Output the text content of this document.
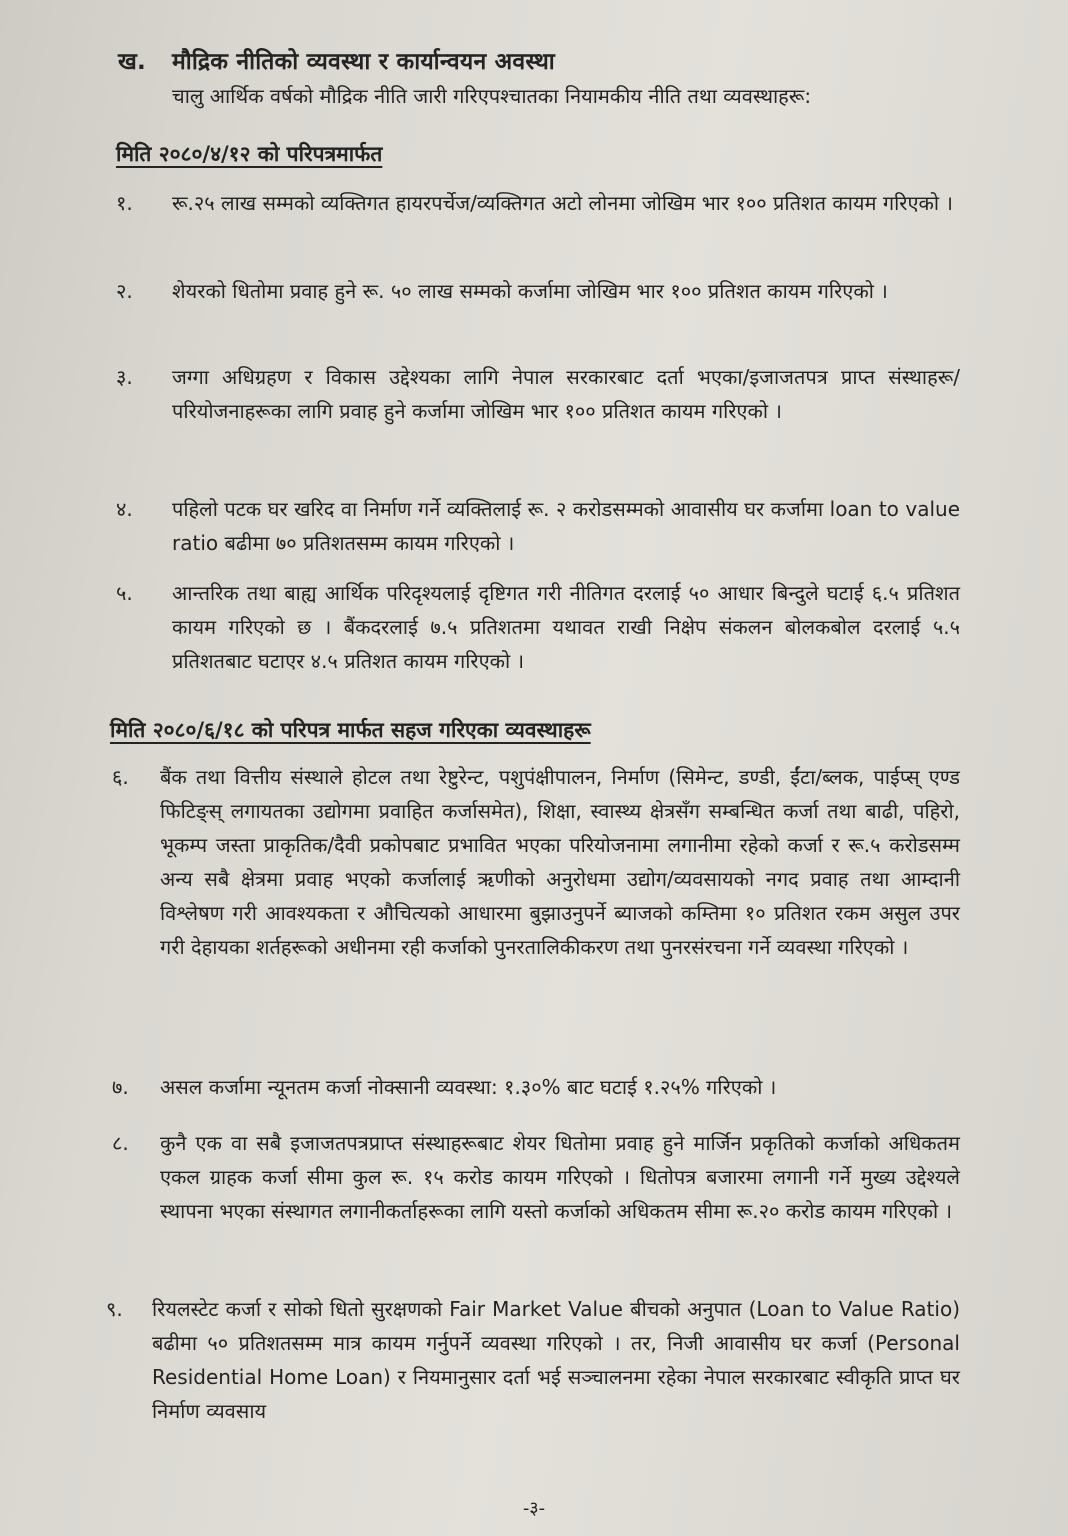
ख. मौद्रिक नीतिको व्यवस्था र कार्यान्वयन अवस्था
चालु आर्थिक वर्षको मौद्रिक नीति जारी गरिएपश्चातका नियामकीय नीति तथा व्यवस्थाहरू:
मिति २०८०/४/१२ को परिपत्रमार्फत
१. रू.२५ लाख सम्मको व्यक्तिगत हायरपर्चेज/व्यक्तिगत अटो लोनमा जोखिम भार १०० प्रतिशत कायम गरिएको ।

२. शेयरको धितोमा प्रवाह हुने रू. ५० लाख सम्मको कर्जामा जोखिम भार १०० प्रतिशत कायम गरिएको ।

३. जग्गा अधिग्रहण र विकास उद्देश्यका लागि नेपाल सरकारबाट दर्ता भएका/इजाजतपत्र प्राप्त संस्थाहरू/परियोजनाहरूका लागि प्रवाह हुने कर्जामा जोखिम भार १०० प्रतिशत कायम गरिएको ।

४. पहिलो पटक घर खरिद वा निर्माण गर्ने व्यक्तिलाई रू. २ करोडसम्मको आवासीय घर कर्जामा loan to value ratio बढीमा ७० प्रतिशतसम्म कायम गरिएको ।

५. आन्तरिक तथा बाह्य आर्थिक परिदृश्यलाई दृष्टिगत गरी नीतिगत दरलाई ५० आधार बिन्दुले घटाई ६.५ प्रतिशत कायम गरिएको छ । बैंकदरलाई ७.५ प्रतिशतमा यथावत राखी निक्षेप संकलन बोलकबोल दरलाई ५.५ प्रतिशतबाट घटाएर ४.५ प्रतिशत कायम गरिएको ।

मिति २०८०/६/१८ को परिपत्र मार्फत सहज गरिएका व्यवस्थाहरू
६. बैंक तथा वित्तीय संस्थाले होटल तथा रेष्टुरेन्ट, पशुपंक्षीपालन, निर्माण (सिमेन्ट, डण्डी, ईंटा/ब्लक, पाईप्स् एण्ड फिटिङ्स् लगायतका उद्योगमा प्रवाहित कर्जासमेत), शिक्षा, स्वास्थ्य क्षेत्रसँग सम्बन्धित कर्जा तथा बाढी, पहिरो, भूकम्प जस्ता प्राकृतिक/दैवी प्रकोपबाट प्रभावित भएका परियोजनामा लगानीमा रहेको कर्जा र रू.५ करोडसम्म अन्य सबै क्षेत्रमा प्रवाह भएको कर्जालाई ऋणीको अनुरोधमा उद्योग/व्यवसायको नगद प्रवाह तथा आम्दानी विश्लेषण गरी आवश्यकता र औचित्यको आधारमा बुझाउनुपर्ने ब्याजको कम्तिमा १० प्रतिशत रकम असुल उपर गरी देहायका शर्तहरूको अधीनमा रही कर्जाको पुनरतालिकीकरण तथा पुनरसंरचना गर्ने व्यवस्था गरिएको ।

७. असल कर्जामा न्यूनतम कर्जा नोक्सानी व्यवस्था: १.३०% बाट घटाई १.२५% गरिएको ।

८. कुनै एक वा सबै इजाजतपत्रप्राप्त संस्थाहरूबाट शेयर धितोमा प्रवाह हुने मार्जिन प्रकृतिको कर्जाको अधिकतम एकल ग्राहक कर्जा सीमा कुल रू. १५ करोड कायम गरिएको । धितोपत्र बजारमा लगानी गर्ने मुख्य उद्देश्यले स्थापना भएका संस्थागत लगानीकर्ताहरूका लागि यस्तो कर्जाको अधिकतम सीमा रू.२० करोड कायम गरिएको ।

९. रियलस्टेट कर्जा र सोको धितो सुरक्षणको Fair Market Value बीचको अनुपात (Loan to Value Ratio) बढीमा ५० प्रतिशतसम्म मात्र कायम गर्नुपर्ने व्यवस्था गरिएको । तर, निजी आवासीय घर कर्जा (Personal Residential Home Loan) र नियमानुसार दर्ता भई सञ्चालनमा रहेका नेपाल सरकारबाट स्वीकृति प्राप्त घर निर्माण व्यवसाय

-३-
